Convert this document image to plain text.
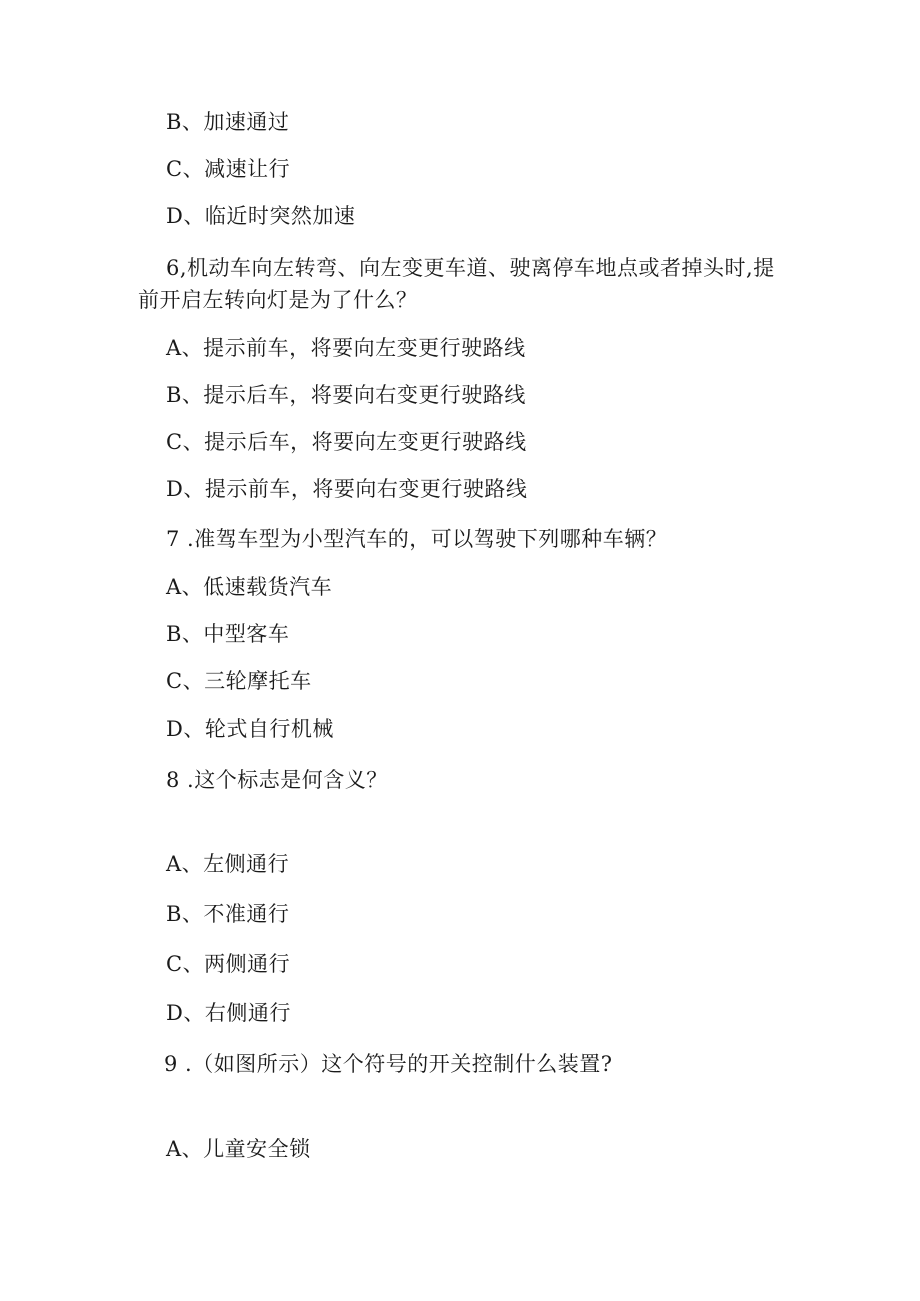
B、加速通过
C、减速让行
D、临近时突然加速
6,机动车向左转弯、向左变更车道、驶离停车地点或者掉头时,提
前开启左转向灯是为了什么？
A、提示前车，将要向左变更行驶路线
B、提示后车，将要向右变更行驶路线
C、提示后车，将要向左变更行驶路线
D、提示前车，将要向右变更行驶路线
7 .准驾车型为小型汽车的，可以驾驶下列哪种车辆？
A、低速载货汽车
B、中型客车
C、三轮摩托车
D、轮式自行机械
8 .这个标志是何含义？
A、左侧通行
B、不准通行
C、两侧通行
D、右侧通行
9 .（如图所示）这个符号的开关控制什么装置?
A、儿童安全锁
